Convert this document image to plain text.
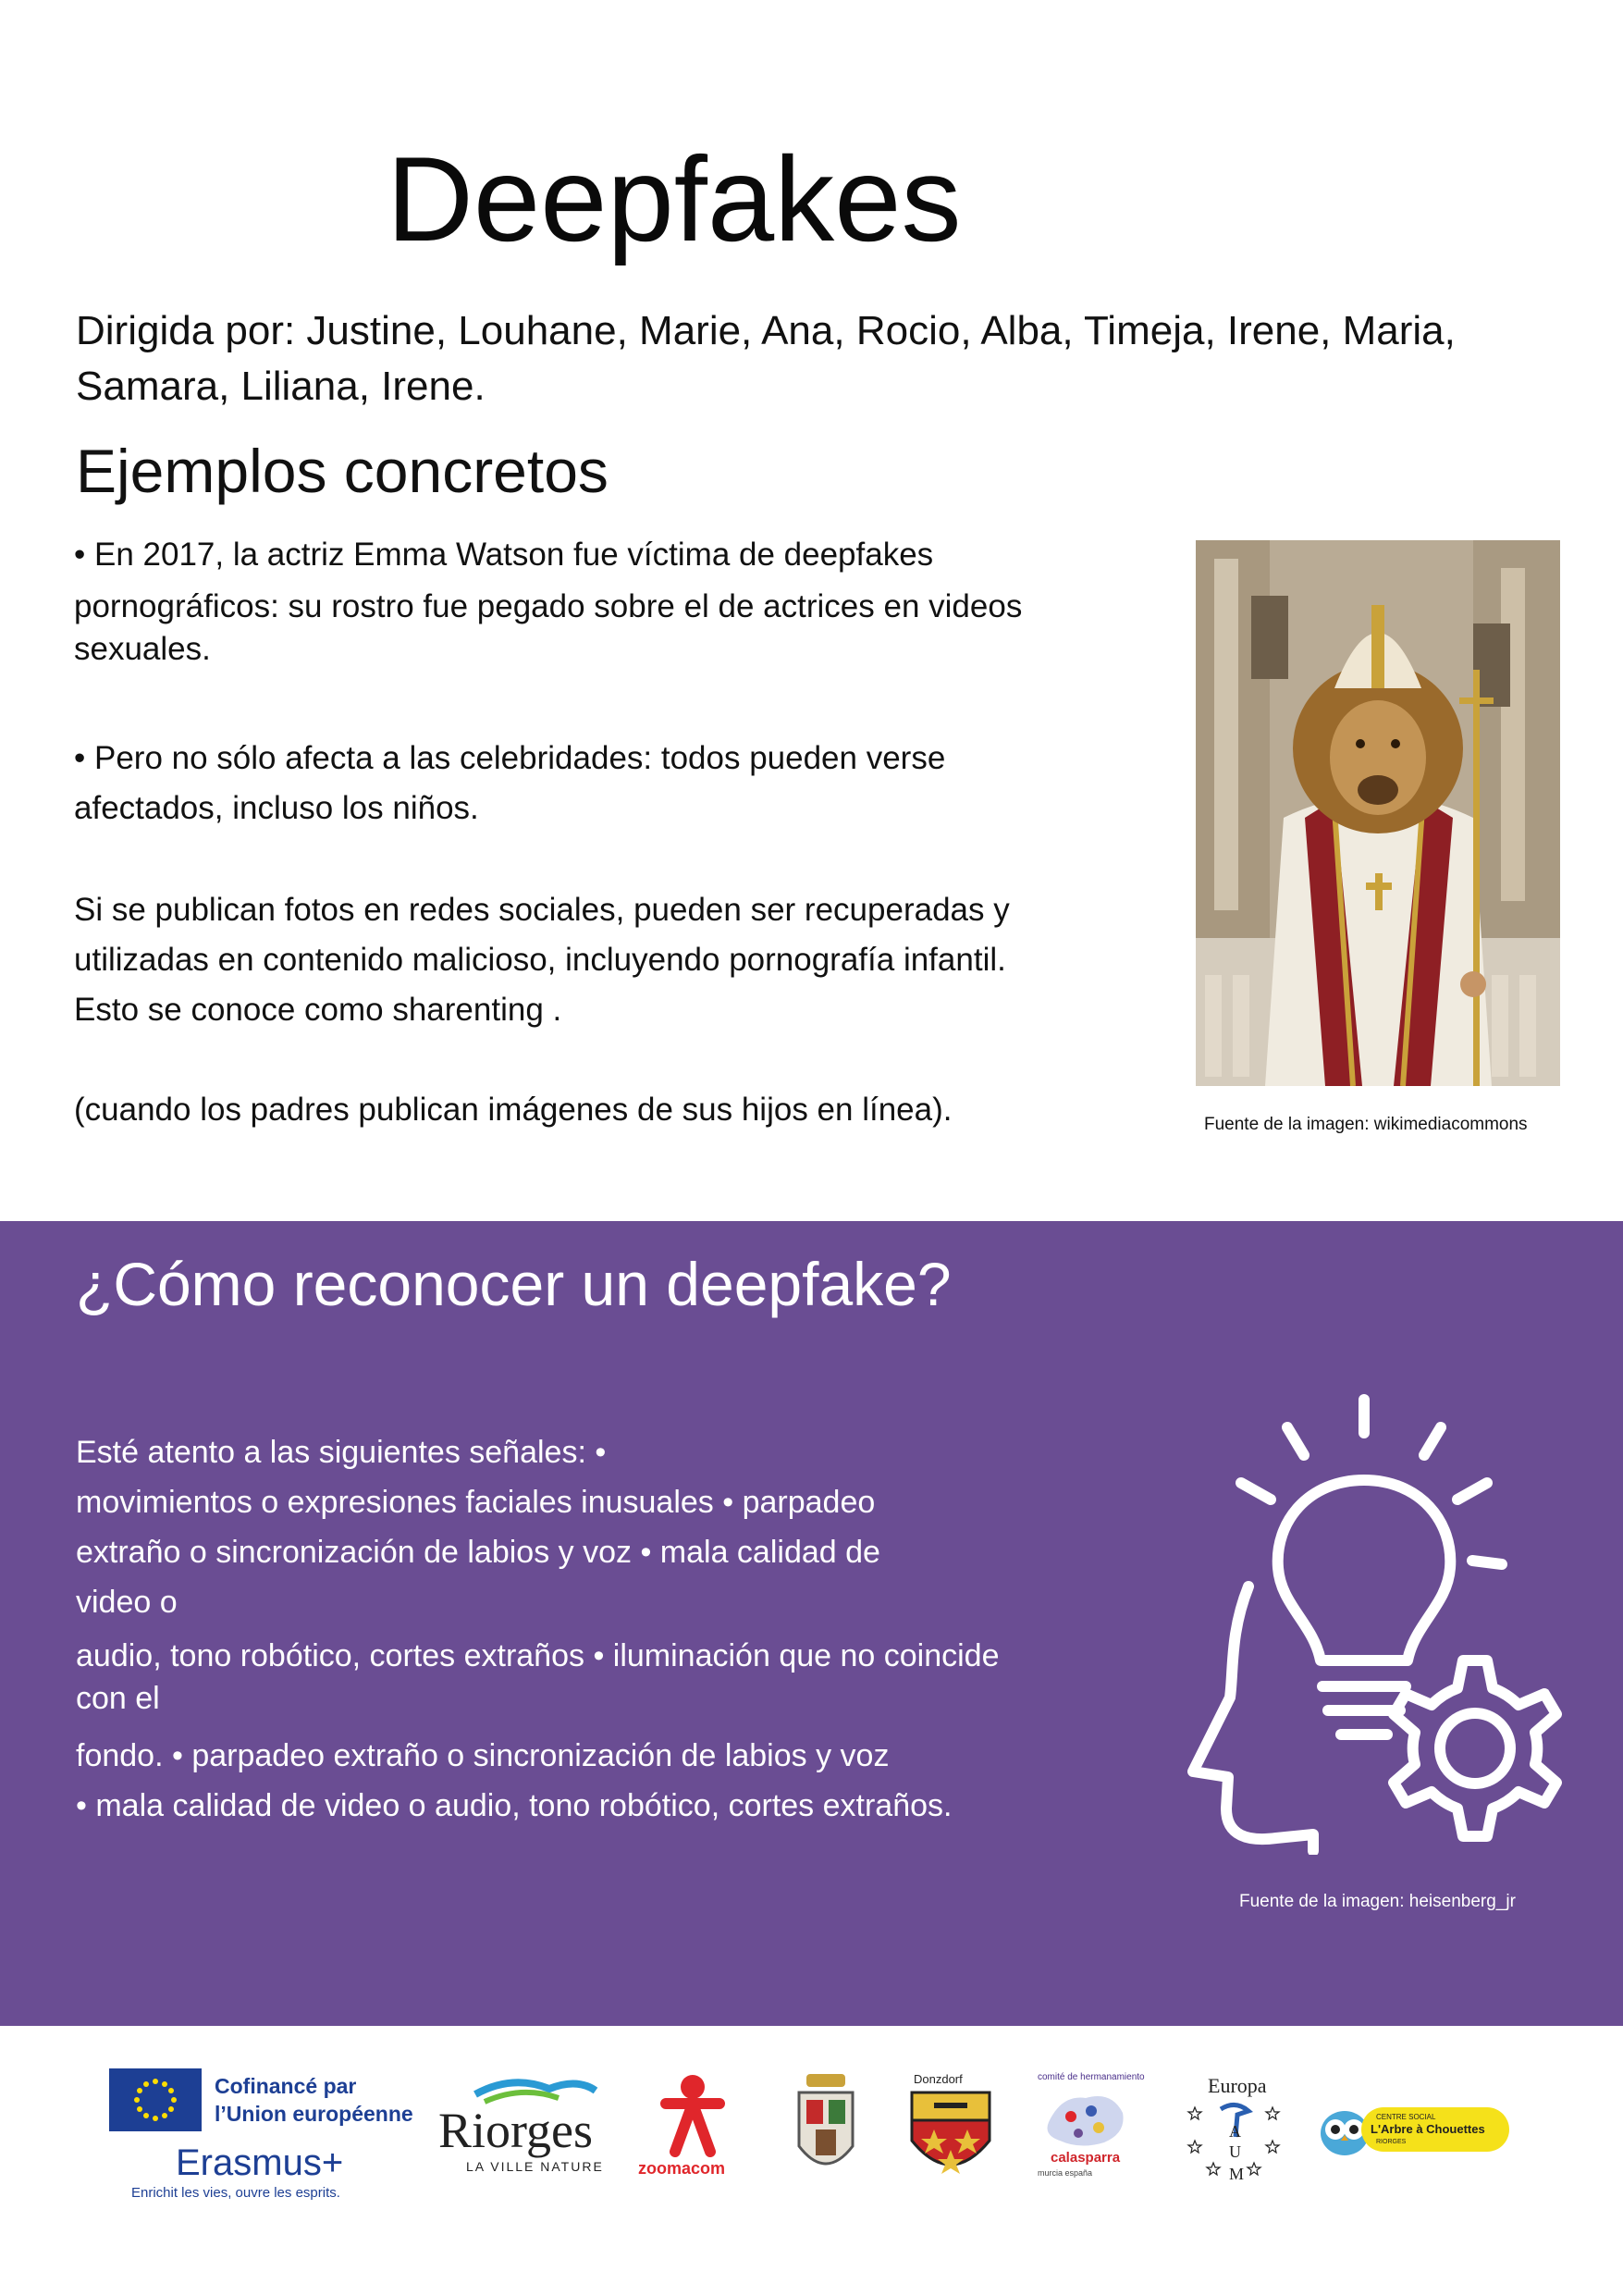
Deepfakes
Dirigida por: Justine, Louhane, Marie, Ana, Rocio, Alba, Timeja, Irene, Maria, Samara, Liliana, Irene.
Ejemplos concretos
• En 2017, la actriz Emma Watson fue víctima de deepfakes
pornográficos: su rostro fue pegado sobre el de actrices en videos
sexuales.
• Pero no sólo afecta a las celebridades: todos pueden verse
afectados, incluso los niños.
Si se publican fotos en redes sociales, pueden ser recuperadas y
utilizadas en contenido malicioso, incluyendo pornografía infantil.
Esto se conoce como sharenting .
(cuando los padres publican imágenes de sus hijos en línea).	Fuente de la imagen: wikimediacommons
¿Cómo reconocer un deepfake?
Esté atento a las siguientes señales: •
movimientos o expresiones faciales inusuales • parpadeo
extraño o sincronización de labios y voz • mala calidad de
video o
audio, tono robótico, cortes extraños • iluminación que no coincide
con el
fondo. • parpadeo extraño o sincronización de labios y voz
• mala calidad de video o audio, tono robótico, cortes extraños.
Fuente de la imagen: heisenberg_jr
Cofinancé par
l’Union européenne
Erasmus+
Enrichit les vies, ouvre les esprits.
Riorges
LA VILLE NATURE zoomacom
Donzdorf	comité de hermanamiento
calasparra
murcia españa
Europa
A
U
M
CENTRE SOCIAL
L'Arbre à Chouettes
RIORGES
